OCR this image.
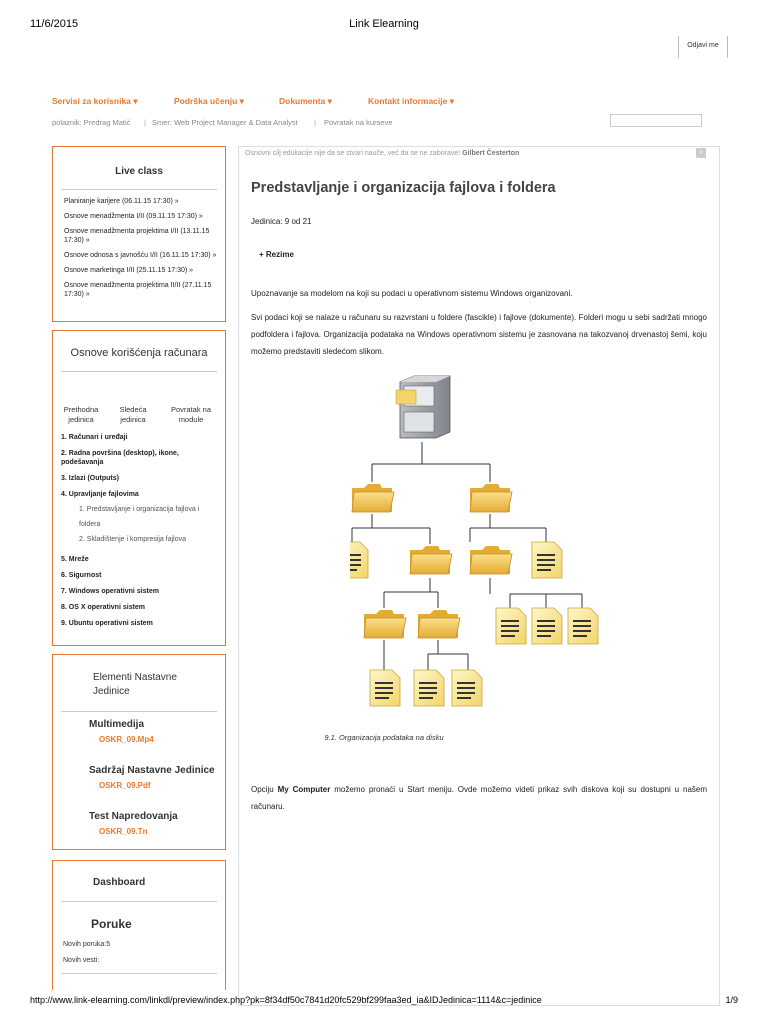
11/6/2015	Link Elearning
Odjavi me
Servisi za korisnika ▾	Podrška učenju ▾	Dokumenta ▾	Kontakt informacije ▾
polaznik: Predrag Matić | Smer: Web Project Manager & Data Analyst | Povratak na kurseve
Live class
Planiranje karijere (06.11.15 17:30) »
Osnove menadžmenta I/II (09.11.15 17:30) »
Osnove menadžmenta projektima I/II (13.11.15 17:30) »
Osnove odnosa s javnošću I/II (16.11.15 17:30) »
Osnove marketinga I/II (25.11.15 17:30) »
Osnove menadžmenta projektima II/II (27.11.15 17:30) »
Osnove korišćenja računara
Prethodna jedinica
Sledeća jedinica
Povratak na module
1. Računari i uređaji
2. Radna površina (desktop), ikone, podešavanja
3. Izlazi (Outputs)
4. Upravljanje fajlovima
1. Predstavljanje i organizacija fajlova i foldera
2. Skladištenje i kompresija fajlova
5. Mreže
6. Sigurnost
7. Windows operativni sistem
8. OS X operativni sistem
9. Ubuntu operativni sistem
Elementi Nastavne
Jedinice
Multimedija
OSKR_09.Mp4
Sadržaj Nastavne Jedinice
OSKR_09.Pdf
Test Napredovanja
OSKR_09.Tn
Dashboard
Poruke
Novih poruka:5
Novih vesti:
Osnovni cilj edukacije nije da se stvari nauče, već da se ne zaborave! Gilbert Česterton	>
Predstavljanje i organizacija fajlova i foldera
Jedinica: 9 od 21
+ Rezime
Upoznavanje sa modelom na koji su podaci u operativnom sistemu Windows organizovani.
Svi podaci koji se nalaze u računaru su razvrstani u foldere (fascikle) i fajlove (dokumente). Folderi mogu u sebi sadržati mnogo podfoldera i fajlova. Organizacija podataka na Windows operativnom sistemu je zasnovana na takozvanoj drvenastoj šemi, koju možemo predstaviti sledećom slikom.
9.1. Organizacija podataka na disku
Opciju My Computer možemo pronaći u Start meniju. Ovde možemo videti prikaz svih diskova koji su dostupni u našem računaru.
http://www.link-elearning.com/linkdl/preview/index.php?pk=8f34df50c7841d20fc529bf299faa3ed_ia&IDJedinica=1114&c=jedinice	1/9
